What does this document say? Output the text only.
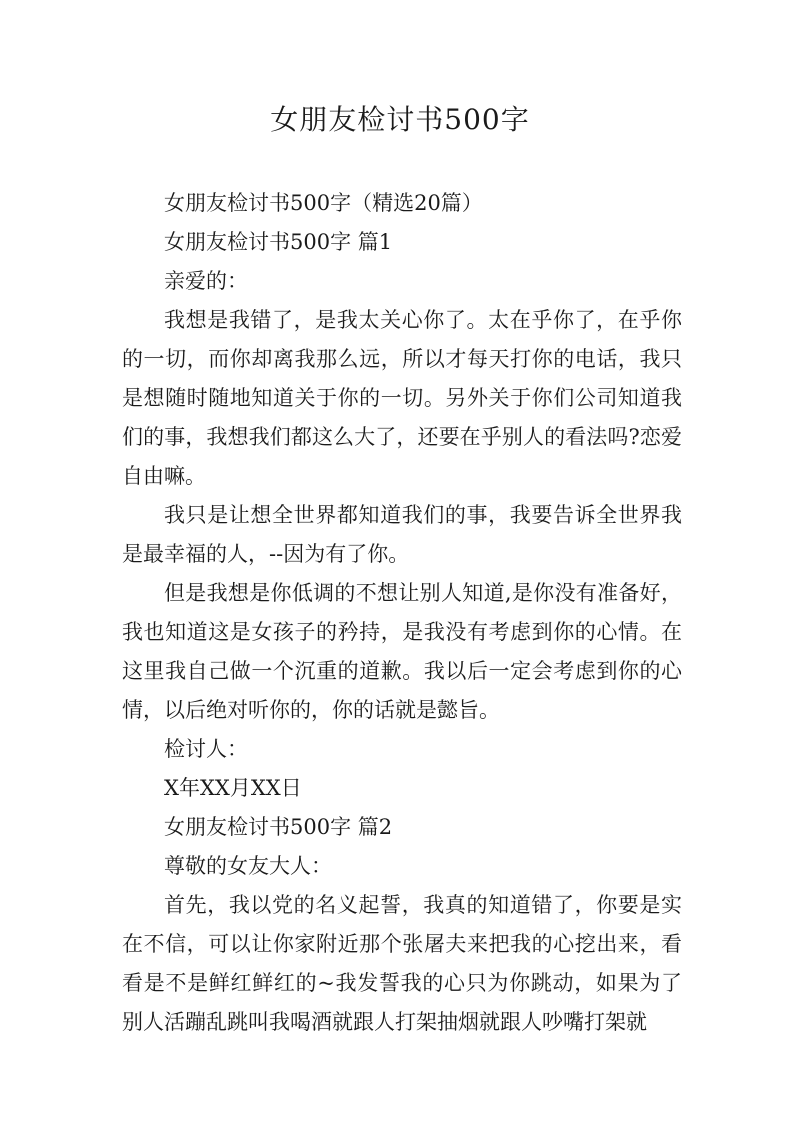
女朋友检讨书500字

女朋友检讨书500字（精选20篇）

女朋友检讨书500字 篇1

亲爱的：

我想是我错了，是我太关心你了。太在乎你了，在乎你的一切，而你却离我那么远，所以才每天打你的电话，我只是想随时随地知道关于你的一切。另外关于你们公司知道我们的事，我想我们都这么大了，还要在乎别人的看法吗?恋爱自由嘛。

我只是让想全世界都知道我们的事，我要告诉全世界我是最幸福的人，--因为有了你。

但是我想是你低调的不想让别人知道,是你没有准备好，我也知道这是女孩子的矜持，是我没有考虑到你的心情。在这里我自己做一个沉重的道歉。我以后一定会考虑到你的心情，以后绝对听你的，你的话就是懿旨。

检讨人：

X年XX月XX日

女朋友检讨书500字 篇2

尊敬的女友大人：

首先，我以党的名义起誓，我真的知道错了，你要是实在不信，可以让你家附近那个张屠夫来把我的心挖出来，看看是不是鲜红鲜红的~我发誓我的心只为你跳动，如果为了别人活蹦乱跳叫我喝酒就跟人打架抽烟就跟人吵嘴打架就
